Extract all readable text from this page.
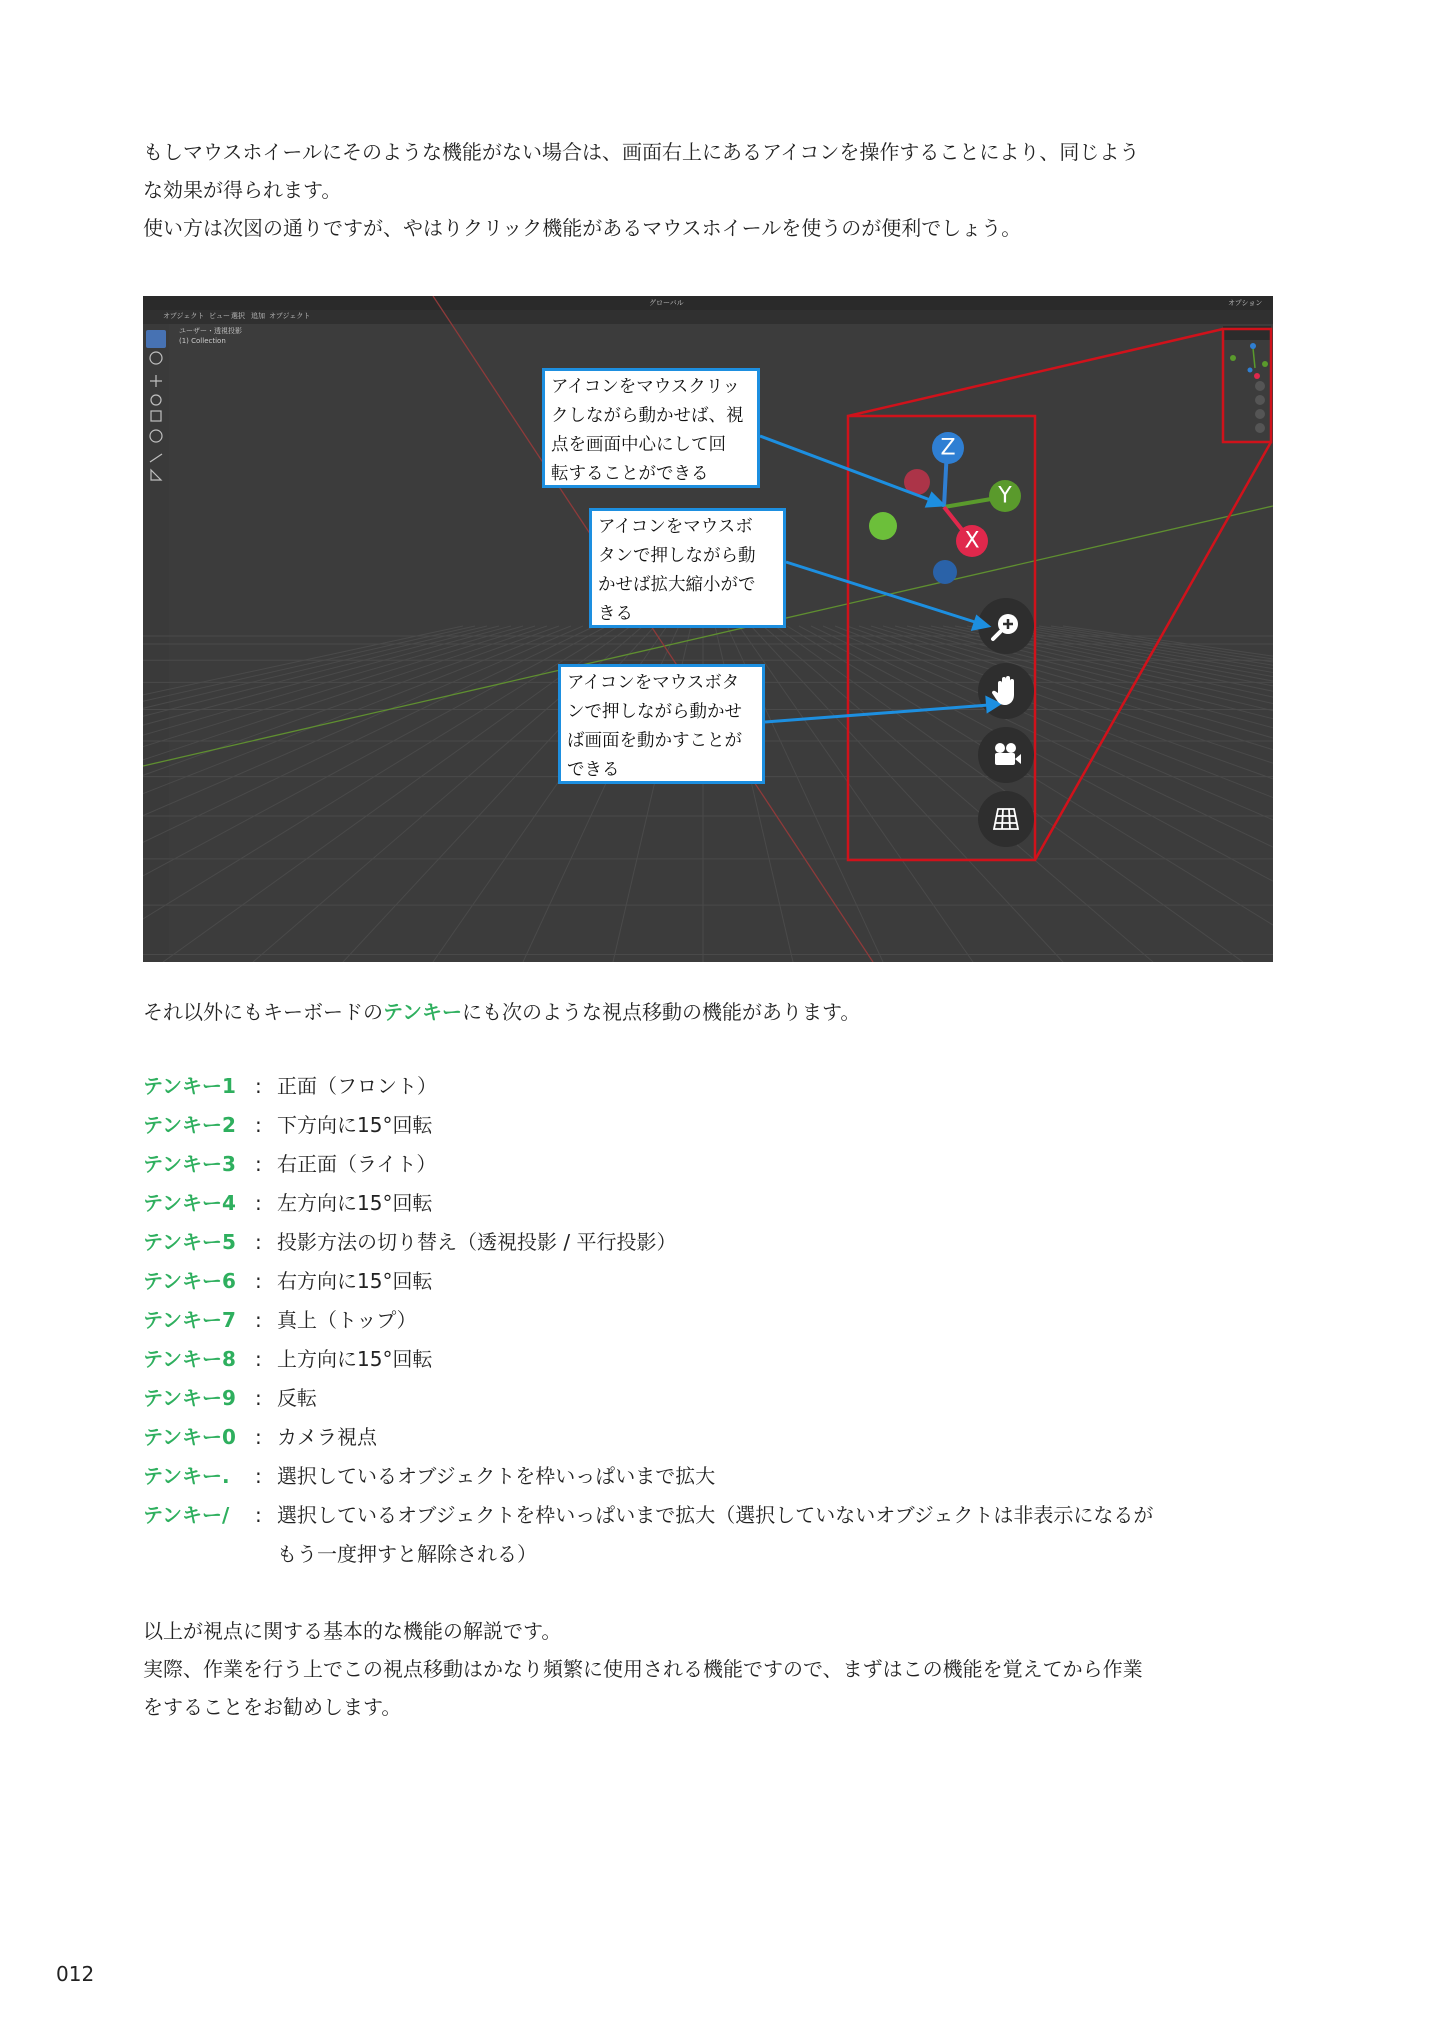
もしマウスホイールにそのような機能がない場合は、画面右上にあるアイコンを操作することにより、同じよう

な効果が得られます。

使い方は次図の通りですが、やはりクリック機能があるマウスホイールを使うのが便利でしょう。

ユーザー・透視投影
(1) Collection
オブジェクト ビュー 選択 追加 オブジェクト
グローバル	オプション
Z
Y
X
アイコンをマウスクリッ
クしながら動かせば、視
点を画面中心にして回
転することができる
アイコンをマウスボ
タンで押しながら動
かせば拡大縮小がで
きる
アイコンをマウスボタ
ンで押しながら動かせ
ば画面を動かすことが
できる

それ以外にもキーボードのテンキーにも次のような視点移動の機能があります。

テンキー1 : 正面（フロント）
テンキー2 : 下方向に15°回転
テンキー3 : 右正面（ライト）
テンキー4 : 左方向に15°回転
テンキー5 : 投影方法の切り替え（透視投影 / 平行投影）
テンキー6 : 右方向に15°回転
テンキー7 : 真上（トップ）
テンキー8 : 上方向に15°回転
テンキー9 : 反転
テンキー0 : カメラ視点
テンキー.	: 選択しているオブジェクトを枠いっぱいまで拡大
テンキー/	: 選択しているオブジェクトを枠いっぱいまで拡大（選択していないオブジェクトは非表示になるが
もう一度押すと解除される）

以上が視点に関する基本的な機能の解説です。

実際、作業を行う上でこの視点移動はかなり頻繁に使用される機能ですので、まずはこの機能を覚えてから作業

をすることをお勧めします。

012
